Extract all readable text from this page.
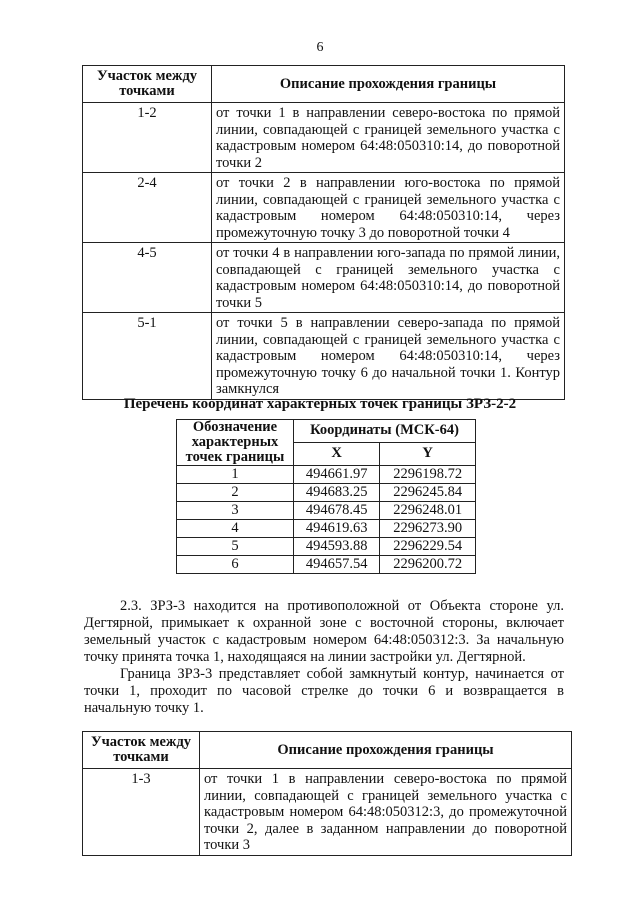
6
Участок между точками	Описание прохождения границы
1-2	от точки 1 в направлении северо-востока по прямой линии, совпадающей с границей земельного участка с кадастровым номером 64:48:050310:14, до поворотной точки 2
2-4	от точки 2 в направлении юго-востока по прямой линии, совпадающей с границей земельного участка с кадастровым номером 64:48:050310:14, через промежуточную точку 3 до поворотной точки 4
4-5	от точки 4 в направлении юго-запада по прямой линии, совпадающей с границей земельного участка с кадастровым номером 64:48:050310:14, до поворотной точки 5
5-1	от точки 5 в направлении северо-запада по прямой линии, совпадающей с границей земельного участка с кадастровым номером 64:48:050310:14, через промежуточную точку 6 до начальной точки 1. Контур замкнулся
Перечень координат характерных точек границы ЗРЗ-2-2
Обозначение характерных точек границы	Координаты (МСК-64)	
	X	Y
1	494661.97	2296198.72
2	494683.25	2296245.84
3	494678.45	2296248.01
4	494619.63	2296273.90
5	494593.88	2296229.54
6	494657.54	2296200.72

2.3. ЗРЗ-3 находится на противоположной от Объекта стороне ул. Дегтярной, примыкает к охранной зоне с восточной стороны, включает земельный участок с кадастровым номером 64:48:050312:3. За начальную точку принята точка 1, находящаяся на линии застройки ул. Дегтярной.

Граница ЗРЗ-3 представляет собой замкнутый контур, начинается от точки 1, проходит по часовой стрелке до точки 6 и возвращается в начальную точку 1.

Участок между точками	Описание прохождения границы
1-3	от точки 1 в направлении северо-востока по прямой линии, совпадающей с границей земельного участка с кадастровым номером 64:48:050312:3, до промежуточной точки 2, далее в заданном направлении до поворотной точки 3
